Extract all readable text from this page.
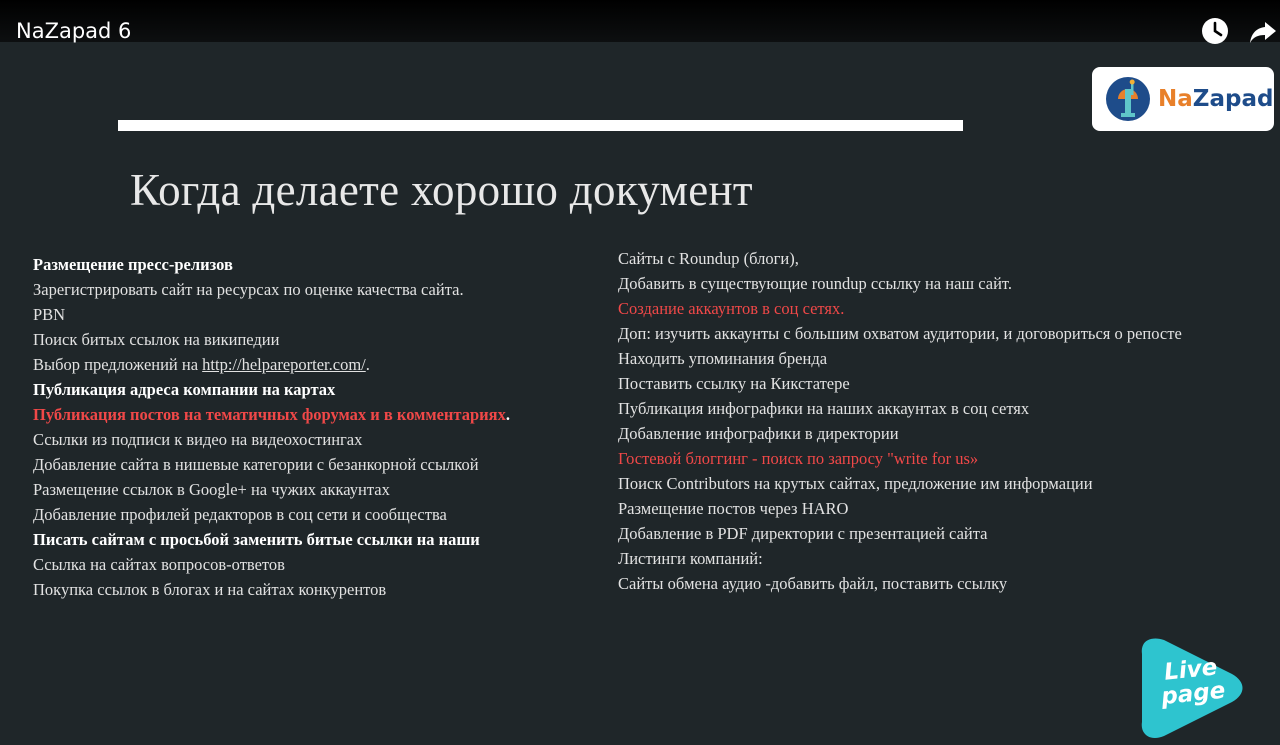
NaZapad 6
NaZapad
Когда делаете хорошо документ
Размещение пресс-релизов
Зарегистрировать сайт на ресурсах по оценке качества сайта.
PBN
Поиск битых ссылок на википедии
Выбор предложений на http://helpareporter.com/.
Публикация адреса компании на картах
Публикация постов на тематичных форумах и в комментариях.
Ссылки из подписи к видео на видеохостингах
Добавление сайта в нишевые категории с безанкорной ссылкой
Размещение ссылок в Google+ на чужих аккаунтах
Добавление профилей редакторов в соц сети и сообщества
Писать сайтам с просьбой заменить битые ссылки на наши
Ссылка на сайтах вопросов-ответов
Покупка ссылок в блогах и на сайтах конкурентов
Сайты с Roundup (блоги),
Добавить в существующие roundup ссылку на наш сайт.
Создание аккаунтов в соц сетях.
Доп: изучить аккаунты с большим охватом аудитории, и договориться о репосте
Находить упоминания бренда
Поставить ссылку на Кикстатере
Публикация инфографики на наших аккаунтах в соц сетях
Добавление инфографики в директории
Гостевой блоггинг - поиск по запросу "write for us»
Поиск Contributors на крутых сайтах, предложение им информации
Размещение постов через HARO
Добавление в PDF директории с презентацией сайта
Листинги компаний:
Сайты обмена аудио -добавить файл, поставить ссылку
Live
page
